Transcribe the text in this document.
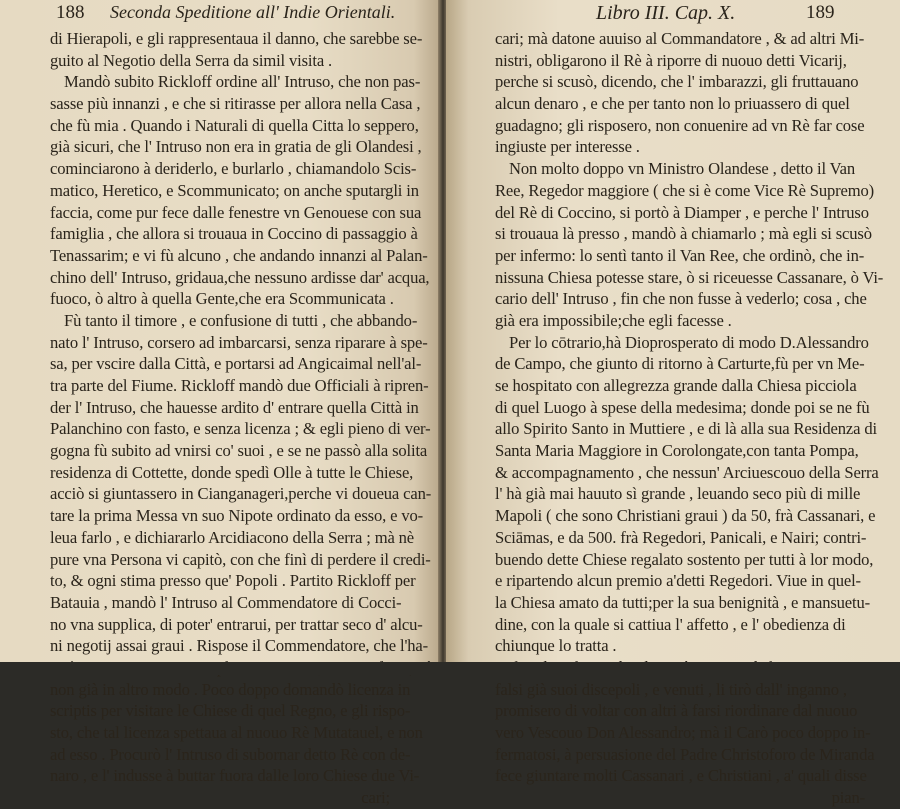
188 Seconda Speditione all' Indie Orientali.
di Hierapoli, e gli rappresentaua il danno, che sarebbe se-
guito al Negotio della Serra da simil visita .
Mandò subito Rickloff ordine all' Intruso, che non pas-
sasse più innanzi , e che si ritirasse per allora nella Casa ,
che fù mia . Quando i Naturali di quella Citta lo seppero,
già sicuri, che l' Intruso non era in gratia de gli Olandesi ,
cominciarono à deriderlo, e burlarlo , chiamandolo Scis-
matico, Heretico, e Scommunicato; on anche sputargli in
faccia, come pur fece dalle fenestre vn Genouese con sua
famiglia , che allora si trouaua in Coccino di passaggio à
Tenassarim; e vi fù alcuno , che andando innanzi al Palan-
chino dell' Intruso, gridaua,che nessuno ardisse dar' acqua,
fuoco, ò altro à quella Gente,che era Scommunicata .
Fù tanto il timore , e confusione di tutti , che abbando-
nato l' Intruso, corsero ad imbarcarsi, senza riparare à spe-
sa, per vscire dalla Città, e portarsi ad Angicaimal nell'al-
tra parte del Fiume. Rickloff mandò due Officiali à ripren-
der l' Intruso, che hauesse ardito d' entrare quella Città in
Palanchino con fasto, e senza licenza ; & egli pieno di ver-
gogna fù subito ad vnirsi co' suoi , e se ne passò alla solita
residenza di Cottette, donde spedì Olle à tutte le Chiese,
acciò si giuntassero in Cianganageri,perche vi doueua can-
tare la prima Messa vn suo Nipote ordinato da esso, e vo-
leua farlo , e dichiararlo Arcidiacono della Serra ; mà nè
pure vna Persona vi capitò, con che finì di perdere il credi-
to, & ogni stima presso que' Popoli . Partito Rickloff per
Batauia , mandò l' Intruso al Commendatore di Cocci-
no vna supplica, di poter' entrarui, per trattar seco d' alcu-
ni negotij assai graui . Rispose il Commendatore, che l'ha-
non già in altro modo . Poco doppo domandò licenza in
scriptis per visitare le Chiese di quel Regno, e gli rispo-
sto, che tal licenza spettaua al nuouo Rè Mutatauel, e non
ad esso . Procurò l' Intruso di subornar detto Rè con de-
naro , e l' indusse à buttar fuora dalle loro Chiese due Vi-
cari;
Libro III. Cap. X.	189
cari; mà datone auuiso al Commandatore , & ad altri Mi-
nistri, obligarono il Rè à riporre di nuouo detti Vicarij,
perche si scusò, dicendo, che l' imbarazzi, gli fruttauano
alcun denaro , e che per tanto non lo priuassero di quel
guadagno; gli risposero, non conuenire ad vn Rè far cose
ingiuste per interesse .
Non molto doppo vn Ministro Olandese , detto il Van
Ree, Regedor maggiore ( che si è come Vice Rè Supremo)
del Rè di Coccino, si portò à Diamper , e perche l' Intruso
si trouaua là presso , mandò à chiamarlo ; mà egli si scusò
per infermo: lo sentì tanto il Van Ree, che ordinò, che in-
nissuna Chiesa potesse stare, ò si riceuesse Cassanare, ò Vi-
cario dell' Intruso , fin che non fusse à vederlo; cosa , che
già era impossibile;che egli facesse .
Per lo cōtrario,hà Dioprosperato di modo D.Alessandro
de Campo, che giunto di ritorno à Carturte,fù per vn Me-
se hospitato con allegrezza grande dalla Chiesa picciola
di quel Luogo à spese della medesima; donde poi se ne fù
allo Spirito Santo in Muttiere , e di là alla sua Residenza di
Santa Maria Maggiore in Corolongate,con tanta Pompa,
& accompagnamento , che nessun' Arciuescouo della Serra
l' hà già mai hauuto sì grande , leuando seco più di mille
Mapoli ( che sono Christiani graui ) da 50, frà Cassanari, e
Sciāmas, e da 500. frà Regedori, Panicali, e Nairi; contri-
buendo dette Chiese regalato sostento per tutti à lor modo,
e ripartendo alcun premio a'detti Regedori. Viue in quel-
la Chiesa amato da tutti;per la sua benignità , e mansuetu-
dine, con la quale si cattiua l' affetto , e l' obedienza di
chiunque lo tratta .
falsi già suoi discepoli , e venuti , li tirò dall' inganno ,
promisero di voltar con altri à farsi riordinare dal nuouo
vero Vescouo Don Alessandro; mà il Carò poco doppo in-
fermatosi, à persuasione del Padre Christoforo de Miranda
fece giuntare molti Cassanari , e Christiani , a' quali disse
pian-
